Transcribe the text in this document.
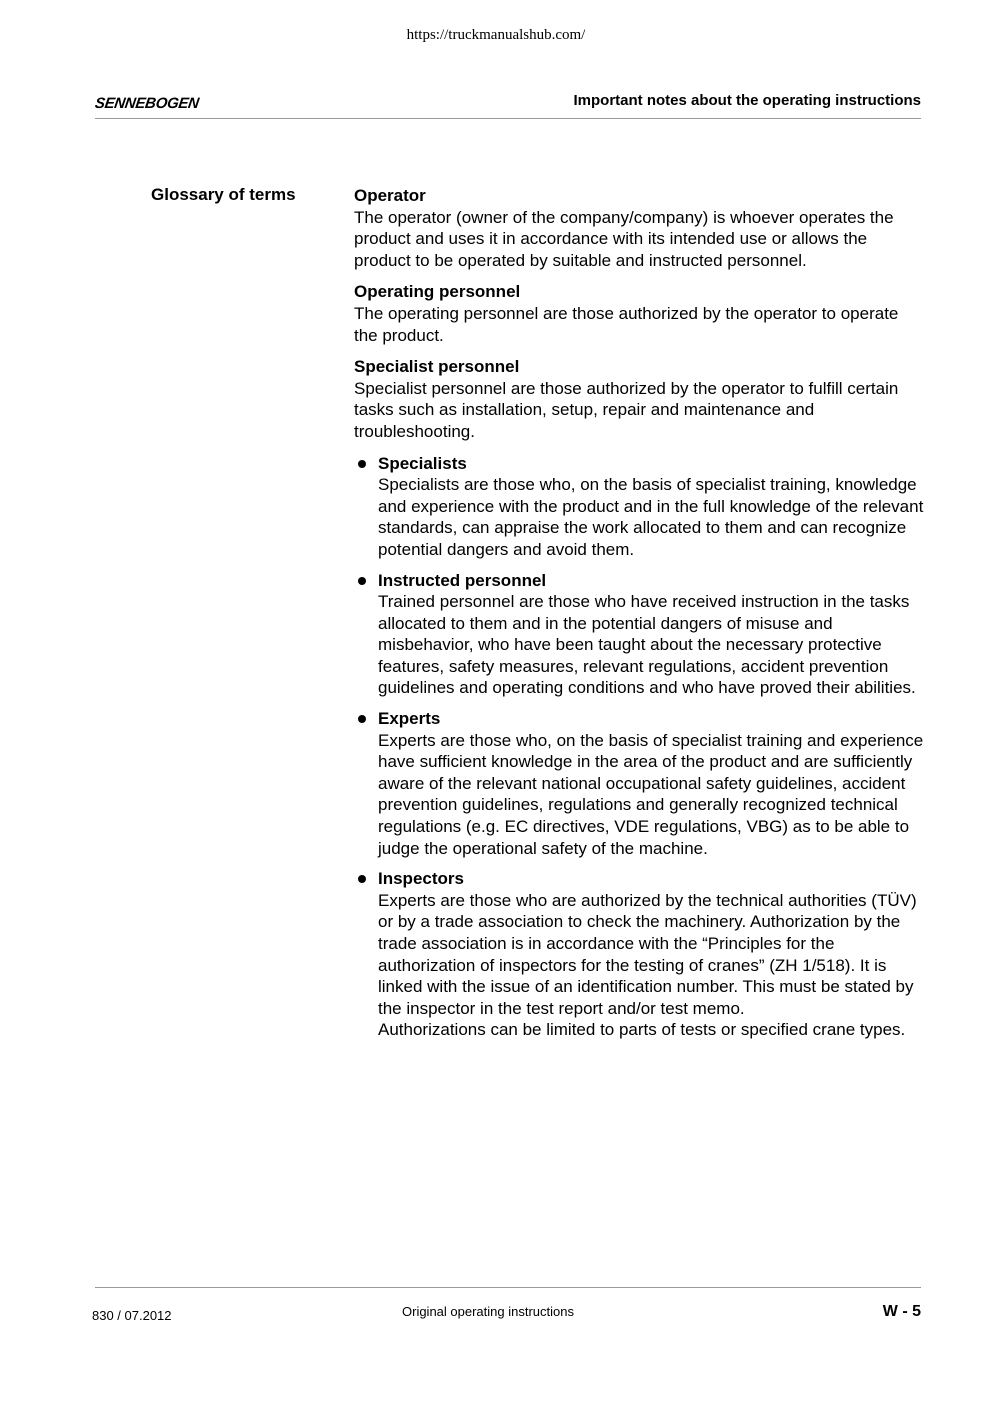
https://truckmanualshub.com/
SENNEBOGEN	Important notes about the operating instructions
Glossary of terms	Operator
The operator (owner of the company/company) is whoever operates the product and uses it in accordance with its intended use or allows the product to be operated by suitable and instructed personnel.
Operating personnel
The operating personnel are those authorized by the operator to operate the product.
Specialist personnel
Specialist personnel are those authorized by the operator to fulfill certain tasks such as installation, setup, repair and maintenance and troubleshooting.
Specialists
Specialists are those who, on the basis of specialist training, knowledge and experience with the product and in the full knowledge of the relevant standards, can appraise the work allocated to them and can recognize potential dangers and avoid them.
Instructed personnel
Trained personnel are those who have received instruction in the tasks allocated to them and in the potential dangers of misuse and misbehavior, who have been taught about the necessary protective features, safety measures, relevant regulations, accident prevention guidelines and operating conditions and who have proved their abilities.
Experts
Experts are those who, on the basis of specialist training and experience have sufficient knowledge in the area of the product and are sufficiently aware of the relevant national occupational safety guidelines, accident prevention guidelines, regulations and generally recognized technical regulations (e.g. EC directives, VDE regulations, VBG) as to be able to judge the operational safety of the machine.
Inspectors
Experts are those who are authorized by the technical authorities (TÜV) or by a trade association to check the machinery. Authorization by the trade association is in accordance with the “Principles for the authorization of inspectors for the testing of cranes” (ZH 1/518). It is linked with the issue of an identification number. This must be stated by the inspector in the test report and/or test memo.
Authorizations can be limited to parts of tests or specified crane types.
830 / 07.2012	Original operating instructions	W - 5
